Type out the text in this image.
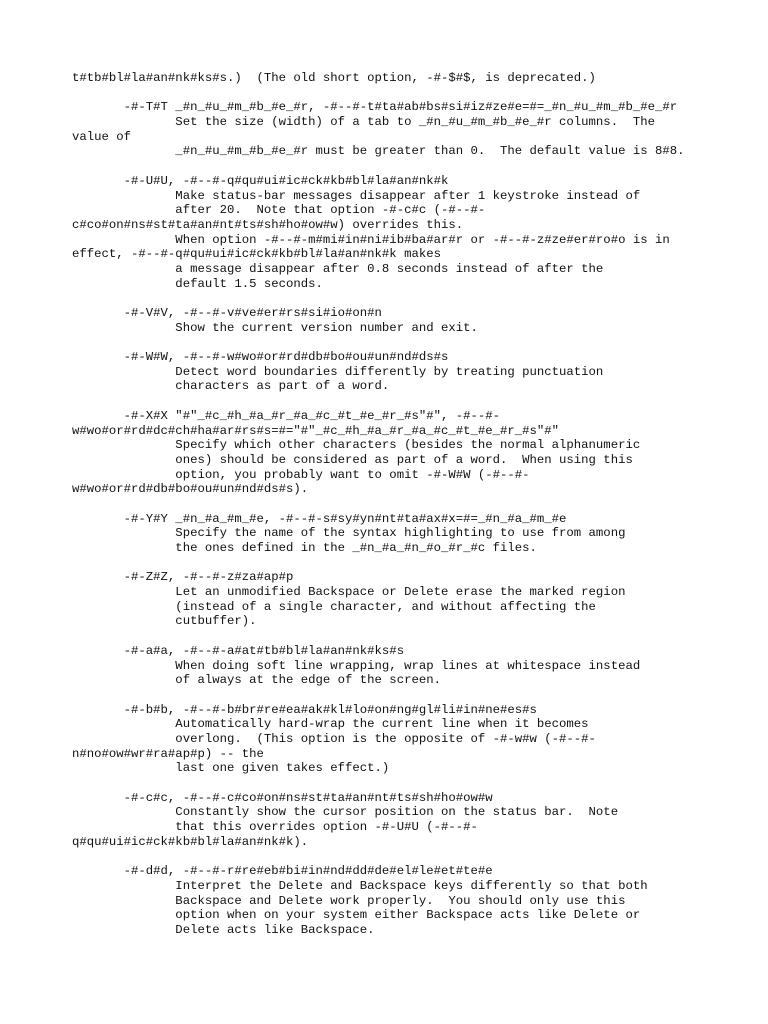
t#tb#bl#la#an#nk#ks#s.)  (The old short option, -#-$#$, is deprecated.)
-#-T#T _#n_#u_#m_#b_#e_#r, -#--#-t#ta#ab#bs#si#iz#ze#e=#=_#n_#u_#m_#b_#e_#r
Set the size (width) of a tab to _#n_#u_#m_#b_#e_#r columns.  The
value of
_#n_#u_#m_#b_#e_#r must be greater than 0.  The default value is 8#8.
-#-U#U, -#--#-q#qu#ui#ic#ck#kb#bl#la#an#nk#k
Make status-bar messages disappear after 1 keystroke instead of
after 20.  Note that option -#-c#c (-#--#-
c#co#on#ns#st#ta#an#nt#ts#sh#ho#ow#w) overrides this.
When option -#--#-m#mi#in#ni#ib#ba#ar#r or -#--#-z#ze#er#ro#o is in
effect, -#--#-q#qu#ui#ic#ck#kb#bl#la#an#nk#k makes
a message disappear after 0.8 seconds instead of after the
default 1.5 seconds.
-#-V#V, -#--#-v#ve#er#rs#si#io#on#n
Show the current version number and exit.
-#-W#W, -#--#-w#wo#or#rd#db#bo#ou#un#nd#ds#s
Detect word boundaries differently by treating punctuation
characters as part of a word.
-#-X#X "#"_#c_#h_#a_#r_#a_#c_#t_#e_#r_#s"#", -#--#-
w#wo#or#rd#dc#ch#ha#ar#rs#s=#="#"_#c_#h_#a_#r_#a_#c_#t_#e_#r_#s"#"
Specify which other characters (besides the normal alphanumeric
ones) should be considered as part of a word.  When using this
option, you probably want to omit -#-W#W (-#--#-
w#wo#or#rd#db#bo#ou#un#nd#ds#s).
-#-Y#Y _#n_#a_#m_#e, -#--#-s#sy#yn#nt#ta#ax#x=#=_#n_#a_#m_#e
Specify the name of the syntax highlighting to use from among
the ones defined in the _#n_#a_#n_#o_#r_#c files.
-#-Z#Z, -#--#-z#za#ap#p
Let an unmodified Backspace or Delete erase the marked region
(instead of a single character, and without affecting the
cutbuffer).
-#-a#a, -#--#-a#at#tb#bl#la#an#nk#ks#s
When doing soft line wrapping, wrap lines at whitespace instead
of always at the edge of the screen.
-#-b#b, -#--#-b#br#re#ea#ak#kl#lo#on#ng#gl#li#in#ne#es#s
Automatically hard-wrap the current line when it becomes
overlong.  (This option is the opposite of -#-w#w (-#--#-
n#no#ow#wr#ra#ap#p) -- the
last one given takes effect.)
-#-c#c, -#--#-c#co#on#ns#st#ta#an#nt#ts#sh#ho#ow#w
Constantly show the cursor position on the status bar.  Note
that this overrides option -#-U#U (-#--#-
q#qu#ui#ic#ck#kb#bl#la#an#nk#k).
-#-d#d, -#--#-r#re#eb#bi#in#nd#dd#de#el#le#et#te#e
Interpret the Delete and Backspace keys differently so that both
Backspace and Delete work properly.  You should only use this
option when on your system either Backspace acts like Delete or
Delete acts like Backspace.
